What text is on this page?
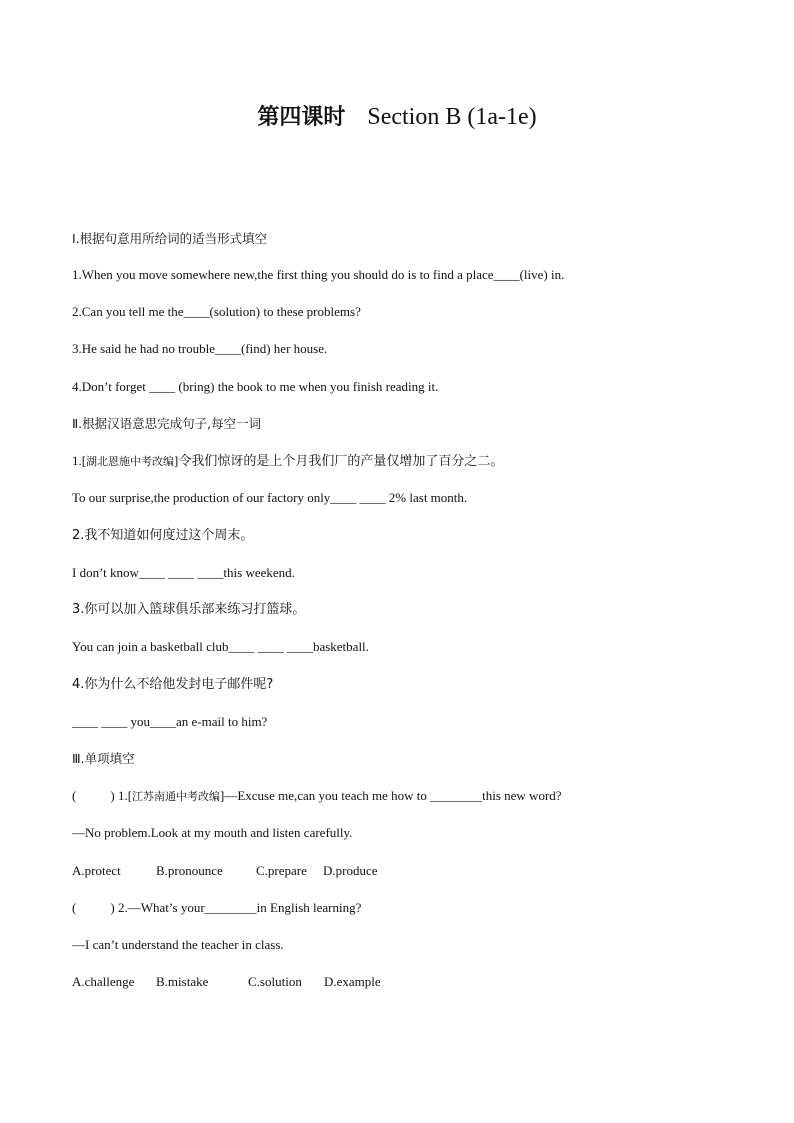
第四课时 Section B (1a-1e)
Ⅰ.根据句意用所给词的适当形式填空
1.When you move somewhere new,the first thing you should do is to find a place____(live) in.
2.Can you tell me the____(solution) to these problems?
3.He said he had no trouble____(find) her house.
4.Don’t forget ____ (bring) the book to me when you finish reading it.
Ⅱ.根据汉语意思完成句子,每空一词
1.[湖北恩施中考改编]令我们惊讶的是上个月我们厂的产量仅增加了百分之二。
To our surprise,the production of our factory only____ ____ 2% last month.
2.我不知道如何度过这个周末。
I don’t know____ ____ ____this weekend.
3.你可以加入篮球俱乐部来练习打篮球。
You can join a basketball club____ ____ ____basketball.
4.你为什么不给他发封电子邮件呢?
____ ____ you____an e-mail to him?
Ⅲ.单项填空
(	) 1.[江苏南通中考改编]—Excuse me,can you teach me how to ________this new word?
—No problem.Look at my mouth and listen carefully.
A.protect	B.pronounce	C.prepare D.produce
(	) 2.—What’s your________in English learning?
—I can’t understand the teacher in class.
A.challenge B.mistake	C.solution D.example
